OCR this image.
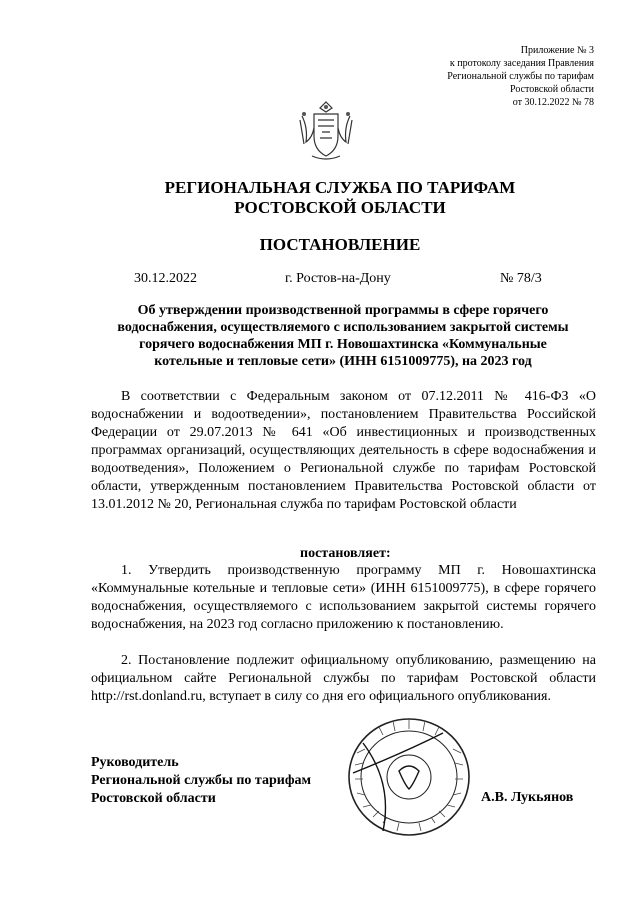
Приложение № 3
к протоколу заседания Правления
Региональной службы по тарифам
Ростовской области
от 30.12.2022 № 78
РЕГИОНАЛЬНАЯ СЛУЖБА ПО ТАРИФАМ
РОСТОВСКОЙ ОБЛАСТИ
ПОСТАНОВЛЕНИЕ
30.12.2022	г. Ростов-на-Дону	№ 78/3
Об утверждении производственной программы в сфере горячего
водоснабжения, осуществляемого с использованием закрытой системы
горячего водоснабжения МП г. Новошахтинска «Коммунальные
котельные и тепловые сети» (ИНН 6151009775), на 2023 год
В соответствии с Федеральным законом от 07.12.2011 № 416-ФЗ «О водоснабжении и водоотведении», постановлением Правительства Российской Федерации от 29.07.2013 № 641 «Об инвестиционных и производственных программах организаций, осуществляющих деятельность в сфере водоснабжения и водоотведения», Положением о Региональной службе по тарифам Ростовской области, утвержденным постановлением Правительства Ростовской области от 13.01.2012 № 20, Региональная служба по тарифам Ростовской области
постановляет:
1. Утвердить производственную программу МП г. Новошахтинска «Коммунальные котельные и тепловые сети» (ИНН 6151009775), в сфере горячего водоснабжения, осуществляемого с использованием закрытой системы горячего водоснабжения, на 2023 год согласно приложению к постановлению.
2. Постановление подлежит официальному опубликованию, размещению на официальном сайте Региональной службы по тарифам Ростовской области http://rst.donland.ru, вступает в силу со дня его официального опубликования.
Руководитель
Региональной службы по тарифам
Ростовской области	А.В. Лукьянов
